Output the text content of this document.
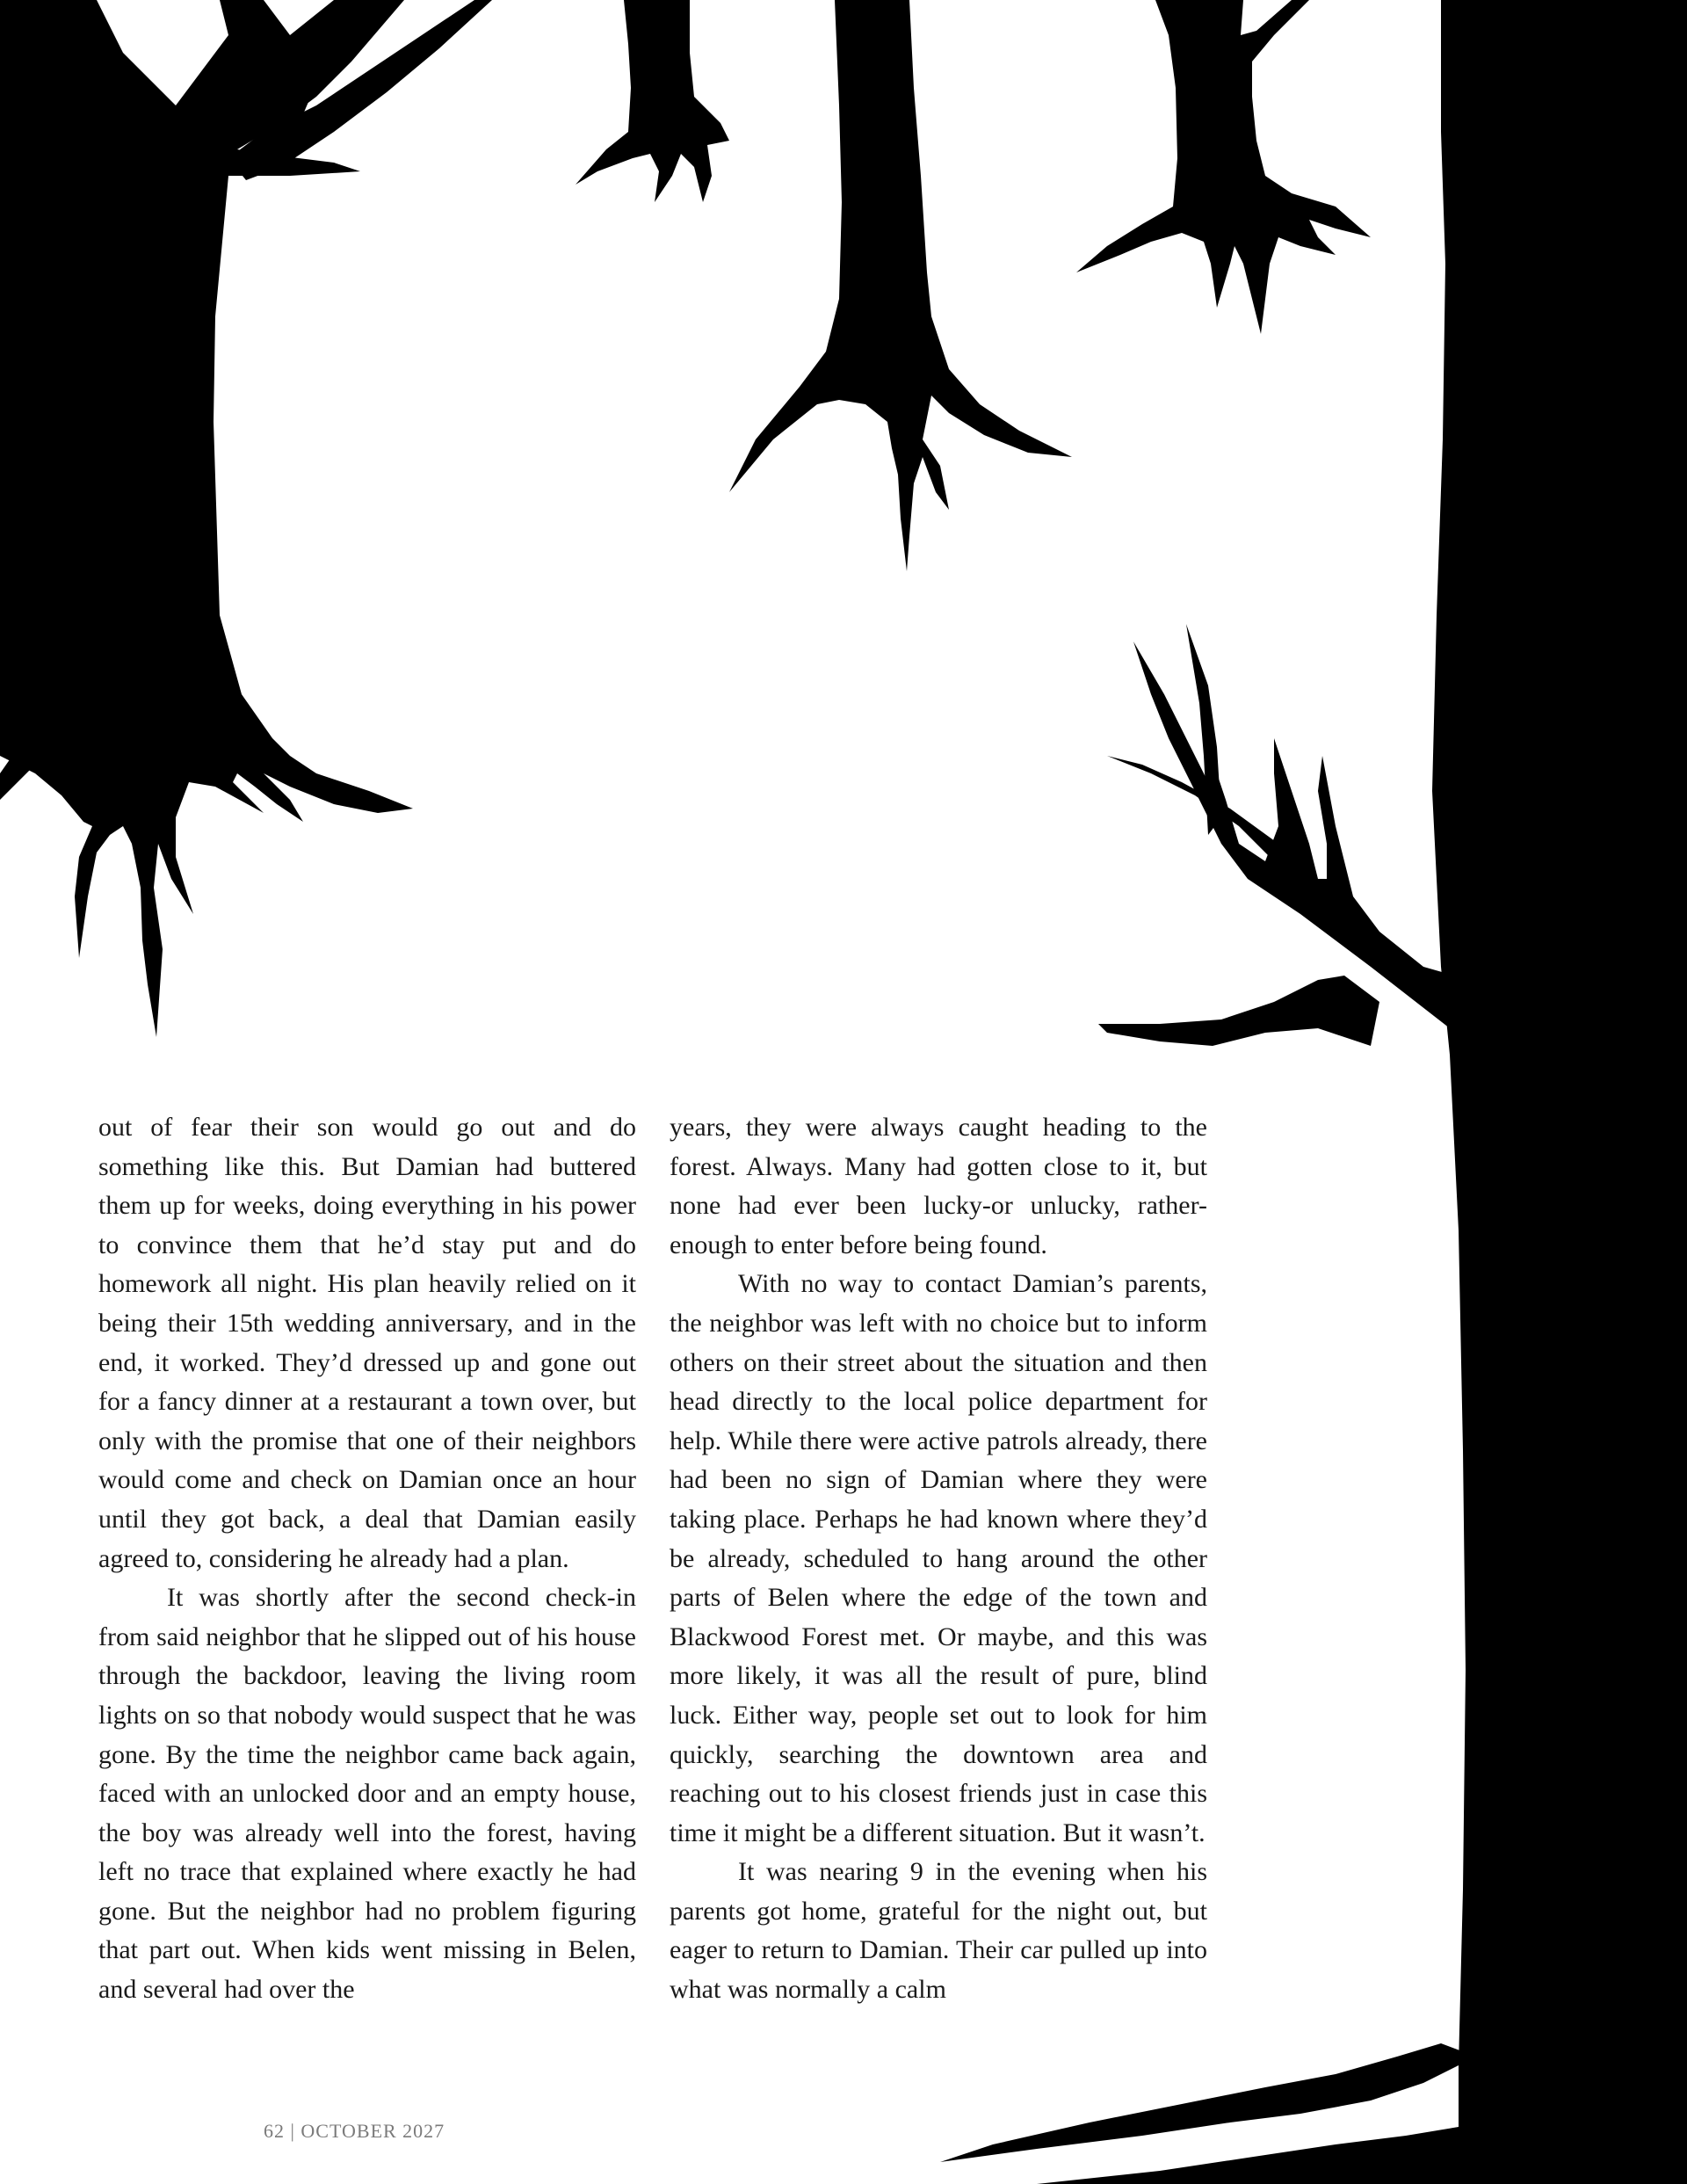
out of fear their son would go out and do something like this. But Damian had buttered them up for weeks, doing everything in his power to convince them that he’d stay put and do homework all night. His plan heavily relied on it being their 15th wedding anniversary, and in the end, it worked. They’d dressed up and gone out for a fancy dinner at a restaurant a town over, but only with the promise that one of their neighbors would come and check on Damian once an hour until they got back, a deal that Damian easily agreed to, considering he already had a plan.

It was shortly after the second check-in from said neighbor that he slipped out of his house through the backdoor, leaving the living room lights on so that nobody would suspect that he was gone. By the time the neighbor came back again, faced with an unlocked door and an empty house, the boy was already well into the forest, having left no trace that explained where exactly he had gone. But the neighbor had no problem figuring that part out. When kids went missing in Belen, and several had over the

years, they were always caught heading to the forest. Always. Many had gotten close to it, but none had ever been lucky-or unlucky, rather-enough to enter before being found.

With no way to contact Damian’s parents, the neighbor was left with no choice but to inform others on their street about the situation and then head directly to the local police department for help. While there were active patrols already, there had been no sign of Damian where they were taking place. Perhaps he had known where they’d be already, scheduled to hang around the other parts of Belen where the edge of the town and Blackwood Forest met. Or maybe, and this was more likely, it was all the result of pure, blind luck. Either way, people set out to look for him quickly, searching the downtown area and reaching out to his closest friends just in case this time it might be a different situation. But it wasn’t.

It was nearing 9 in the evening when his parents got home, grateful for the night out, but eager to return to Damian. Their car pulled up into what was normally a calm

62 | OCTOBER 2027
